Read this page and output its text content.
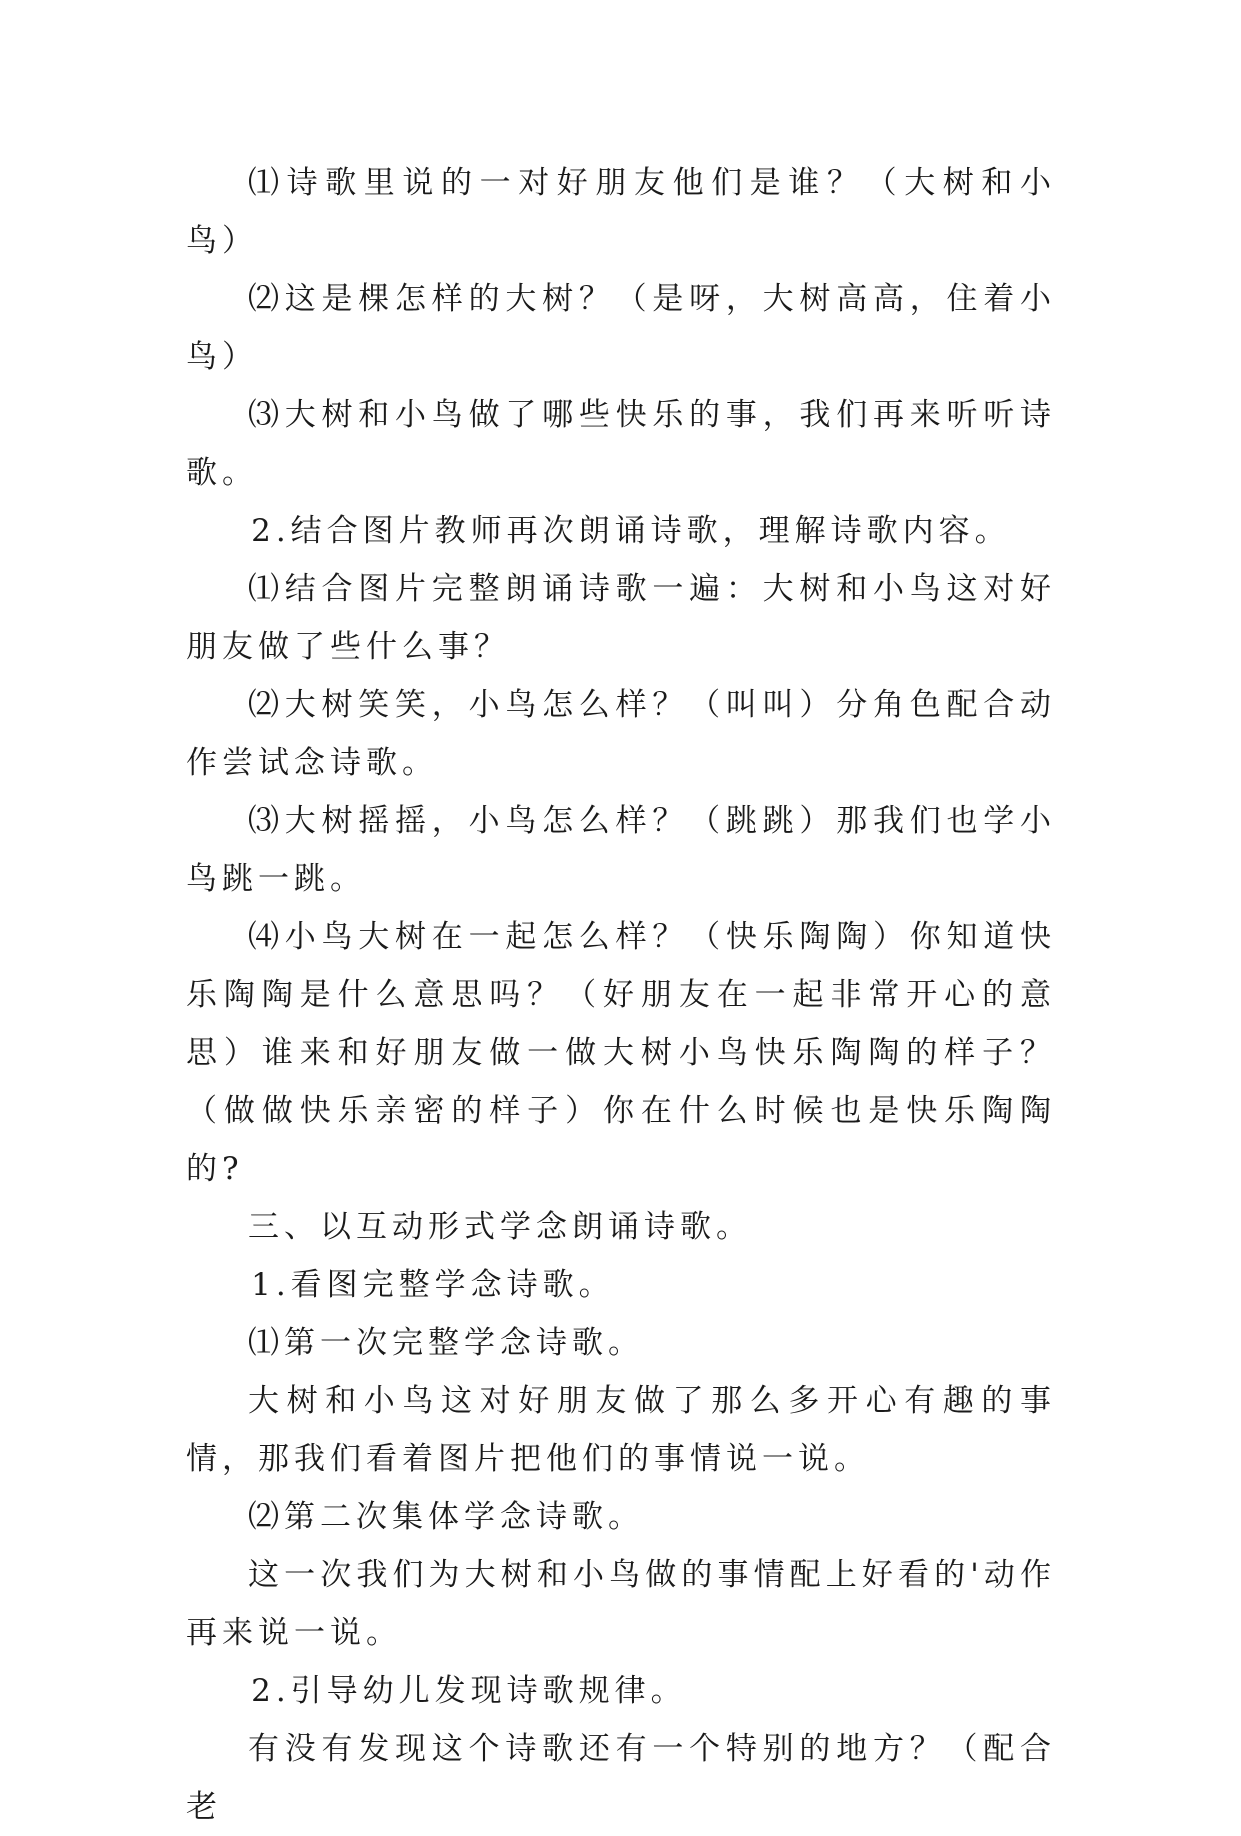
⑴诗歌里说的一对好朋友他们是谁？（大树和小鸟）

⑵这是棵怎样的大树？（是呀，大树高高，住着小鸟）

⑶大树和小鸟做了哪些快乐的事，我们再来听听诗歌。

2.结合图片教师再次朗诵诗歌，理解诗歌内容。

⑴结合图片完整朗诵诗歌一遍：大树和小鸟这对好朋友做了些什么事？

⑵大树笑笑，小鸟怎么样？（叫叫）分角色配合动作尝试念诗歌。

⑶大树摇摇，小鸟怎么样？（跳跳）那我们也学小鸟跳一跳。

⑷小鸟大树在一起怎么样？（快乐陶陶）你知道快乐陶陶是什么意思吗？（好朋友在一起非常开心的意思）谁来和好朋友做一做大树小鸟快乐陶陶的样子？（做做快乐亲密的样子）你在什么时候也是快乐陶陶的?

三、以互动形式学念朗诵诗歌。

1.看图完整学念诗歌。

⑴第一次完整学念诗歌。

大树和小鸟这对好朋友做了那么多开心有趣的事情，那我们看着图片把他们的事情说一说。

⑵第二次集体学念诗歌。

这一次我们为大树和小鸟做的事情配上好看的'动作再来说一说。

2.引导幼儿发现诗歌规律。

有没有发现这个诗歌还有一个特别的地方？（配合老
